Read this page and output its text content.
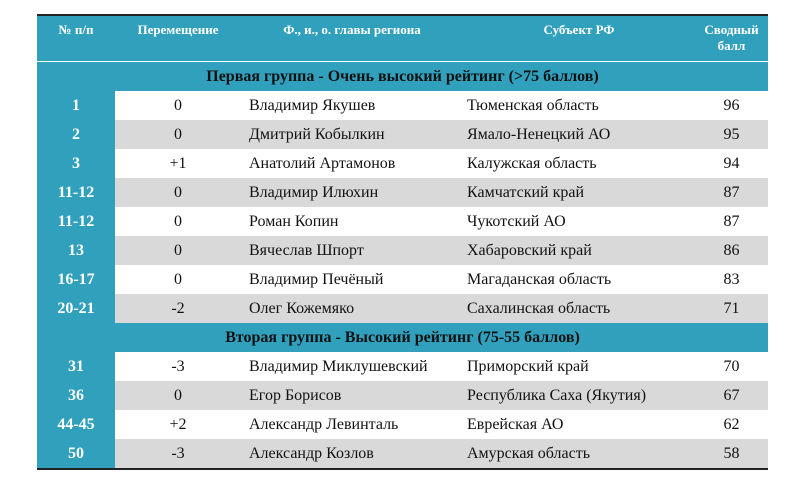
№ п/п	Перемещение	Ф., и., о. главы региона	Субъект РФ	Сводный балл
Первая группа - Очень высокий рейтинг (>75 баллов)
1	0	Владимир Якушев	Тюменская область	96
2	0	Дмитрий Кобылкин	Ямало-Ненецкий АО	95
3	+1	Анатолий Артамонов	Калужская область	94
11-12	0	Владимир Илюхин	Камчатский край	87
11-12	0	Роман Копин	Чукотский АО	87
13	0	Вячеслав Шпорт	Хабаровский край	86
16-17	0	Владимир Печёный	Магаданская область	83
20-21	-2	Олег Кожемяко	Сахалинская область	71
Вторая группа - Высокий рейтинг (75-55 баллов)
31	-3	Владимир Миклушевский	Приморский край	70
36	0	Егор Борисов	Республика Саха (Якутия)	67
44-45	+2	Александр Левинталь	Еврейская АО	62
50	-3	Александр Козлов	Амурская область	58
